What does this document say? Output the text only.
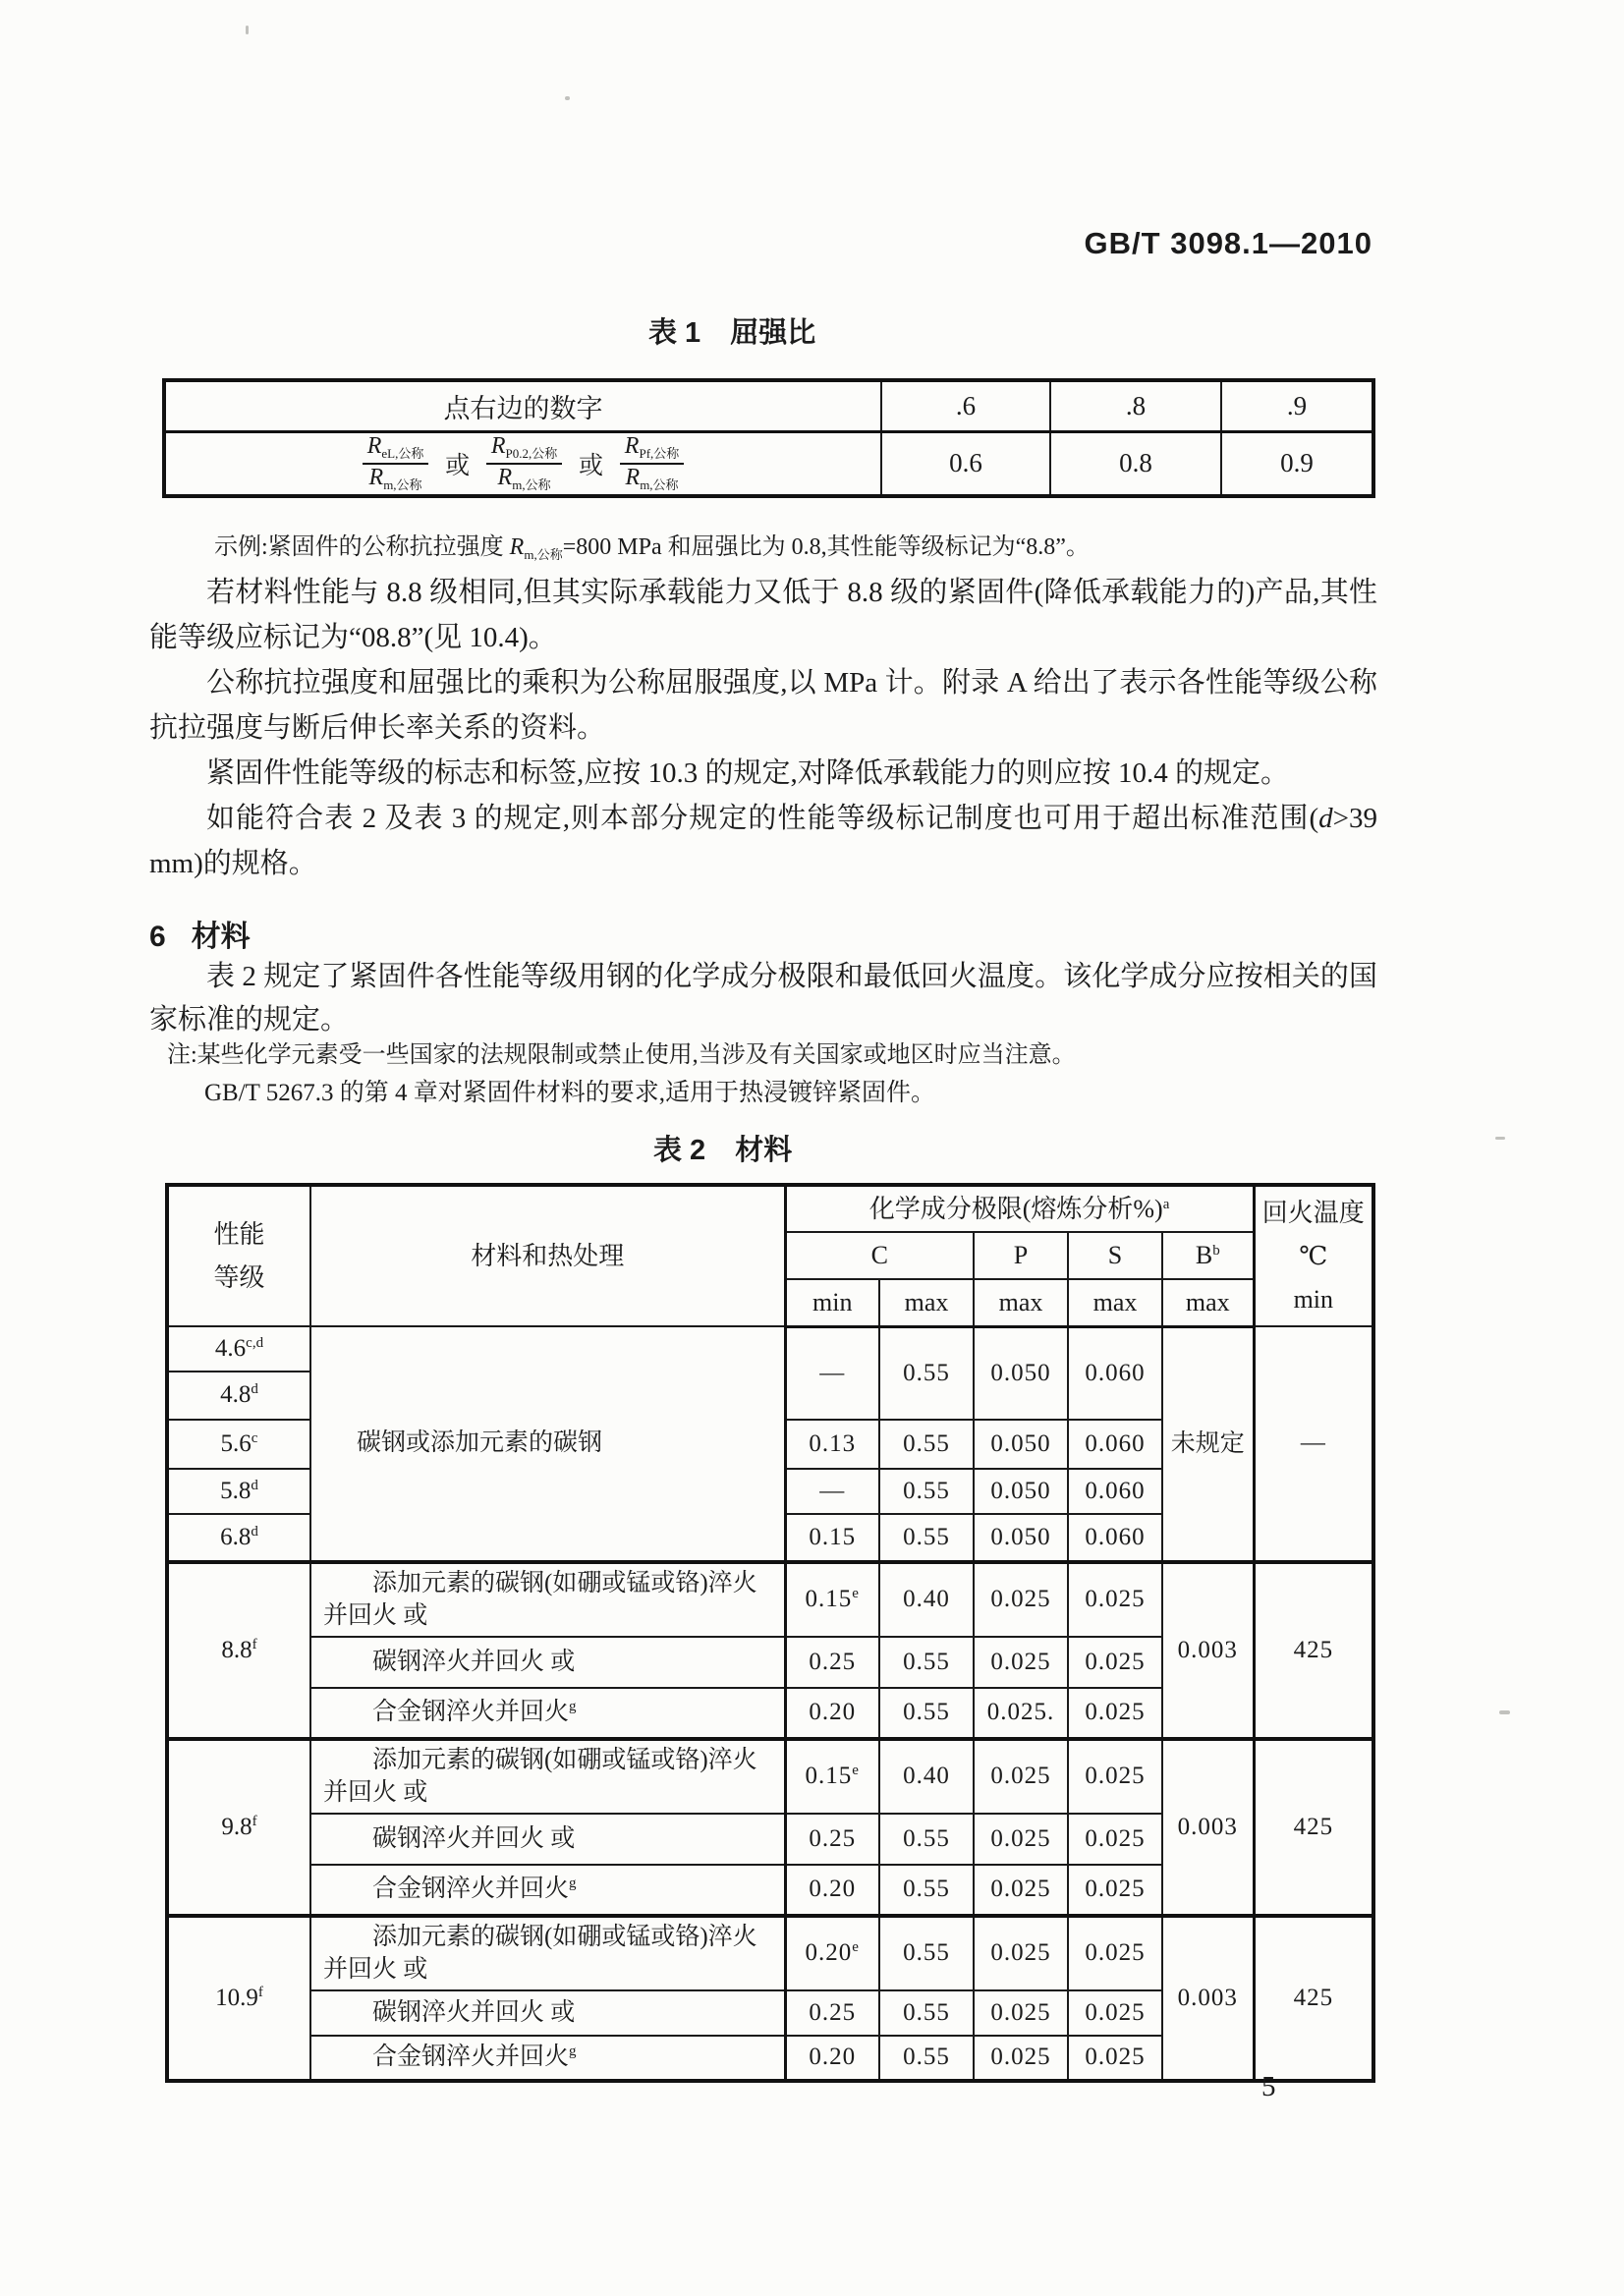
GB/T 3098.1—2010
表 1 屈强比
点右边的数字	.6	.8	.9

$\frac{R_{eL,公称}}{R_{m,公称}}$ 或 $\frac{R_{P0.2,公称}}{R_{m,公称}}$ 或 $\frac{R_{Pf,公称}}{R_{m,公称}}$	0.6	0.8	0.9
示例:紧固件的公称抗拉强度 $R_{m,公称}=800$ MPa 和屈强比为 0.8,其性能等级标记为“8.8”。
若材料性能与 8.8 级相同,但其实际承载能力又低于 8.8 级的紧固件(降低承载能力的)产品,其性能等级应标记为“08.8”(见 10.4)。
公称抗拉强度和屈强比的乘积为公称屈服强度,以 MPa 计。附录 A 给出了表示各性能等级公称抗拉强度与断后伸长率关系的资料。
紧固件性能等级的标志和标签,应按 10.3 的规定,对降低承载能力的则应按 10.4 的规定。
如能符合表 2 及表 3 的规定,则本部分规定的性能等级标记制度也可用于超出标准范围(d>39 mm)的规格。
6 材料
表 2 规定了紧固件各性能等级用钢的化学成分极限和最低回火温度。该化学成分应按相关的国家标准的规定。
注:某些化学元素受一些国家的法规限制或禁止使用,当涉及有关国家或地区时应当注意。
GB/T 5267.3 的第 4 章对紧固件材料的要求,适用于热浸镀锌紧固件。
表 2 材料
性能
等级	材料和热处理	化学成分极限(熔炼分析%)$^a$					回火温度
℃
min
		C		P	S	B$^b$
		min	max	max	max	max	
4.6$^{c,d}$	碳钢或添加元素的碳钢	—	0.55	0.050	0.060	未规定	—
4.8$^d$
5.6$^c$		0.13	0.55	0.050	0.060		
5.8$^d$		—	0.55	0.050	0.060		
6.8$^d$		0.15	0.55	0.050	0.060		
8.8$^f$	添加元素的碳钢(如硼或锰或铬)淬火并回火 或	0.15e	0.40	0.025	0.025	0.003	425
	碳钢淬火并回火 或	0.25	0.55	0.025	0.025		
	合金钢淬火并回火$^g$	0.20	0.55	0.025.	0.025		
9.8$^f$	添加元素的碳钢(如硼或锰或铬)淬火并回火 或	0.15e	0.40	0.025	0.025	0.003	425
	碳钢淬火并回火 或	0.25	0.55	0.025	0.025		
	合金钢淬火并回火$^g$	0.20	0.55	0.025	0.025		
10.9$^f$	添加元素的碳钢(如硼或锰或铬)淬火并回火 或	0.20e	0.55	0.025	0.025	0.003	425
	碳钢淬火并回火 或	0.25	0.55	0.025	0.025		
	合金钢淬火并回火$^g$	0.20	0.55	0.025	0.025		
5
